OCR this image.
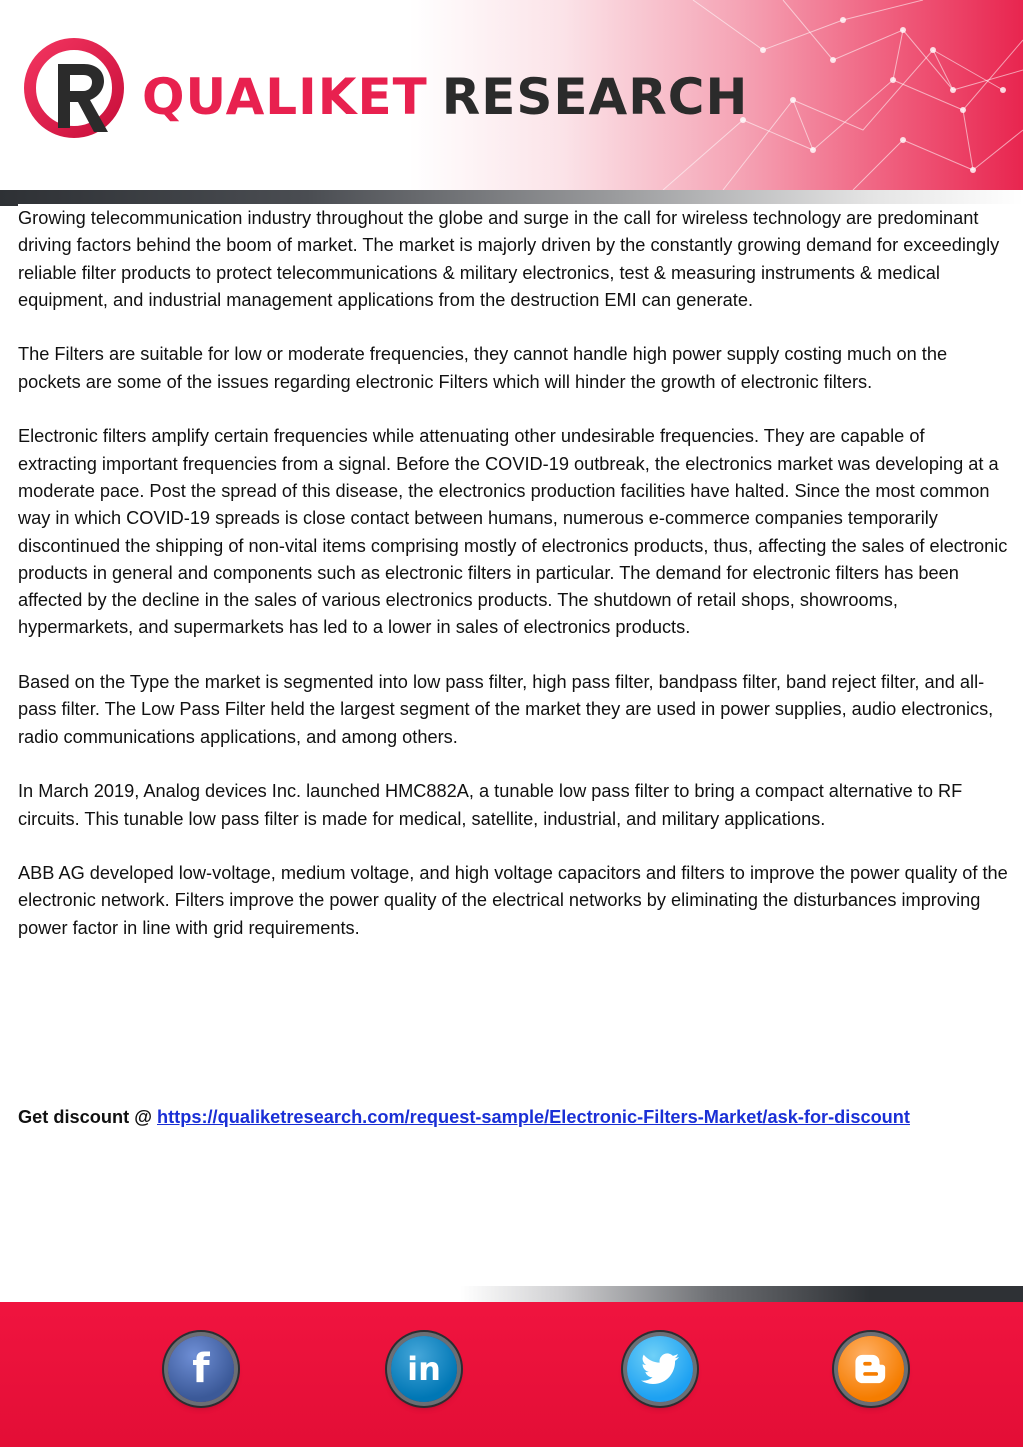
QUALIKET RESEARCH

Growing telecommunication industry throughout the globe and surge in the call for wireless technology are predominant driving factors behind the boom of market. The market is majorly driven by the constantly growing demand for exceedingly reliable filter products to protect telecommunications & military electronics, test & measuring instruments & medical equipment, and industrial management applications from the destruction EMI can generate.

The Filters are suitable for low or moderate frequencies, they cannot handle high power supply costing much on the pockets are some of the issues regarding electronic Filters which will hinder the growth of electronic filters.

Electronic filters amplify certain frequencies while attenuating other undesirable frequencies. They are capable of extracting important frequencies from a signal. Before the COVID-19 outbreak, the electronics market was developing at a moderate pace. Post the spread of this disease, the electronics production facilities have halted. Since the most common way in which COVID-19 spreads is close contact between humans, numerous e-commerce companies temporarily discontinued the shipping of non-vital items comprising mostly of electronics products, thus, affecting the sales of electronic products in general and components such as electronic filters in particular. The demand for electronic filters has been affected by the decline in the sales of various electronics products. The shutdown of retail shops, showrooms, hypermarkets, and supermarkets has led to a lower in sales of electronics products.

Based on the Type the market is segmented into low pass filter, high pass filter, bandpass filter, band reject filter, and all-pass filter. The Low Pass Filter held the largest segment of the market they are used in power supplies, audio electronics, radio communications applications, and among others.

In March 2019, Analog devices Inc. launched HMC882A, a tunable low pass filter to bring a compact alternative to RF circuits. This tunable low pass filter is made for medical, satellite, industrial, and military applications.

ABB AG developed low-voltage, medium voltage, and high voltage capacitors and filters to improve the power quality of the electronic network. Filters improve the power quality of the electrical networks by eliminating the disturbances improving power factor in line with grid requirements.

Get discount @ https://qualiketresearch.com/request-sample/Electronic-Filters-Market/ask-for-discount
f	in
